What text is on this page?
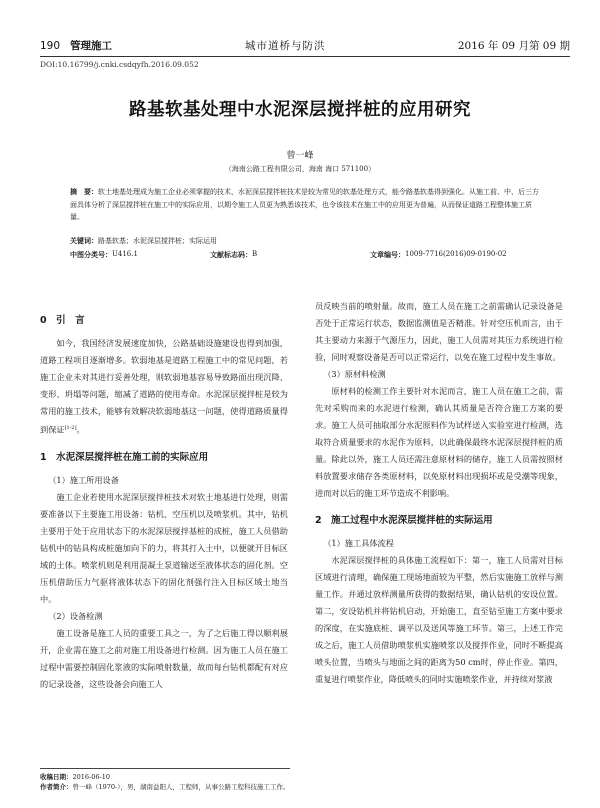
190 管理施工	城市道桥与防洪	2016 年 09 月第 09 期
DOI:10.16799/j.cnki.csdqyfh.2016.09.052
路基软基处理中水泥深层搅拌桩的应用研究
曾一峰
（海南公路工程有限公司，海南 海口 571100）
摘　要：软土地基处理成为施工企业必须掌握的技术，水泥深层搅拌桩技术是较为常见的软基处理方式，能令路基软基得到强化。从施工前、中、后三方面具体分析了深层搅拌桩在施工中的实际应用，以期令施工人员更为熟悉该技术，也令该技术在施工中的应用更为普遍，从而保证道路工程整体施工质量。
关键词：路基软基；水泥深层搅拌桩；实际运用
中图分类号： U416.1	文献标志码： B	文章编号： 1009-7716(2016)09-0190-02

0　引　言

如今，我国经济发展速度加快，公路基础设施建设也得到加强，道路工程项目逐渐增多。软弱地基是道路工程施工中的常见问题，若施工企业未对其进行妥善处理，则软弱地基容易导致路面出现沉降、变形、坍塌等问题，缩减了道路的使用寿命。水泥深层搅拌桩是较为常用的施工技术，能够有效解决软弱地基这一问题，使得道路质量得到保证[1-2]。

1　水泥深层搅拌桩在施工前的实际应用

（1）施工所用设备

施工企业若使用水泥深层搅拌桩技术对软土地基进行处理，则需要准备以下主要施工用设备：钻机、空压机以及喷浆机。其中，钻机主要用于处于应用状态下的水泥深层搅拌基桩的成桩，施工人员借助钻机中的钻具构成桩施加向下的力，将其打入土中，以便就开目标区域的土体。喷浆机则是利用混凝土泵道输送至液体状态的固化剂。空压机借助压力气驱将液体状态下的固化剂强行注入目标区域土地当中。

（2）设备检测

施工设备是施工人员的重要工具之一，为了之后施工得以顺利展开，企业需在施工之前对施工用设备进行检测。因为施工人员在施工过程中需要控制固化浆液的实际喷射数量，故而每台钻机都配有对应的记录设备，这些设备会向施工人

员反映当前的喷射量。故而，施工人员在施工之前需确认记录设备是否处于正常运行状态，数据监测值是否精准。针对空压机而言，由于其主要动力来源于气源压力，因此，施工人员需对其压力系统进行检验，同时观察设备是否可以正常运行，以免在施工过程中发生事故。

（3）原材料检测

原材料的检测工作主要针对水泥而言，施工人员在施工之前，需先对采购而来的水泥进行检测，确认其质量是否符合施工方案的要求。施工人员可抽取部分水泥原料作为试样送入实验室进行检测，选取符合质量要求的水泥作为原料，以此确保最终水泥深层搅拌桩的质量。除此以外，施工人员还需注意原材料的储存，施工人员需按照材料放置要求储存各类原材料，以免原材料出现损坏或是受潮等现象，进而对以后的施工环节造成不利影响。

2　施工过程中水泥深层搅拌桩的实际运用

（1）施工具体流程

水泥深层搅拌桩的具体施工流程如下：第一，施工人员需对目标区域进行清理，确保施工现场地面较为平整，然后实施施工放样与测量工作。并通过放样测量所获得的数据结果，确认钻机的安设位置。第二，安设钻机并将钻机启动，开始施工，直至钻至施工方案中要求的深度，在实施底桩、调平以及送风等施工环节。第三，上述工作完成之后，施工人员借助喷浆机实施喷浆以及搅拌作业，同时不断提高喷头位置，当喷头与地面之间的距离为50 cm时，停止作业。第四，重复进行喷浆作业，降低喷头的同时实施喷浆作业，并持续对浆液

收稿日期：2016-06-10
作者简介：曾一峰（1970-），男，湖南益阳人，工程师，从事公路工程科技施工工作。
